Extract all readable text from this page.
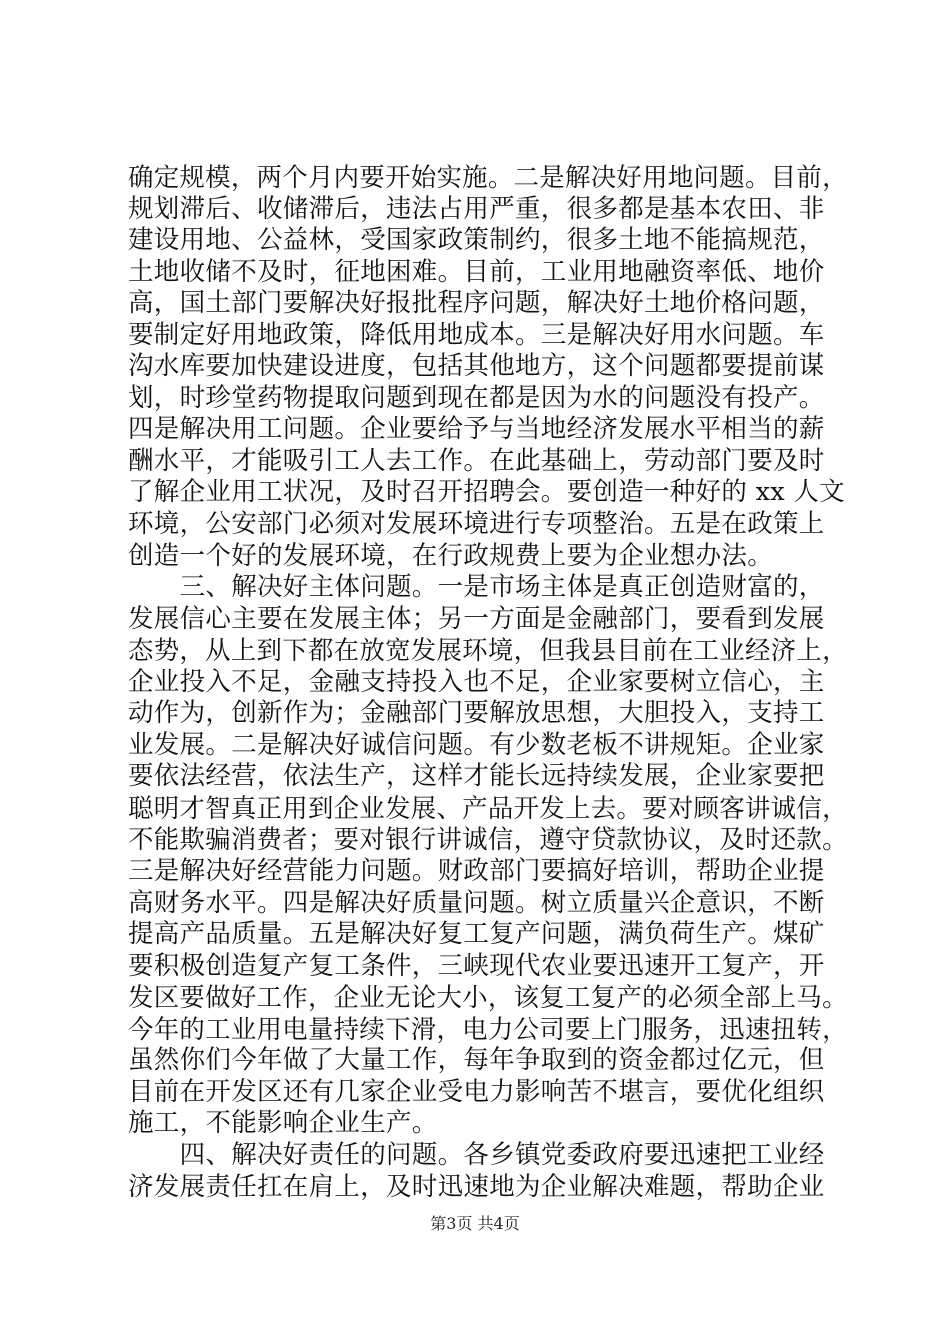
确定规模，两个月内要开始实施。二是解决好用地问题。目前，
规划滞后、收储滞后，违法占用严重，很多都是基本农田、非
建设用地、公益林，受国家政策制约，很多土地不能搞规范，
土地收储不及时，征地困难。目前，工业用地融资率低、地价
高，国土部门要解决好报批程序问题，解决好土地价格问题，
要制定好用地政策，降低用地成本。三是解决好用水问题。车
沟水库要加快建设进度，包括其他地方，这个问题都要提前谋
划，时珍堂药物提取问题到现在都是因为水的问题没有投产。
四是解决用工问题。企业要给予与当地经济发展水平相当的薪
酬水平，才能吸引工人去工作。在此基础上，劳动部门要及时
了解企业用工状况，及时召开招聘会。要创造一种好的 xx 人文
环境，公安部门必须对发展环境进行专项整治。五是在政策上
创造一个好的发展环境，在行政规费上要为企业想办法。
　　三、解决好主体问题。一是市场主体是真正创造财富的，
发展信心主要在发展主体；另一方面是金融部门，要看到发展
态势，从上到下都在放宽发展环境，但我县目前在工业经济上，
企业投入不足，金融支持投入也不足，企业家要树立信心，主
动作为，创新作为；金融部门要解放思想，大胆投入，支持工
业发展。二是解决好诚信问题。有少数老板不讲规矩。企业家
要依法经营，依法生产，这样才能长远持续发展，企业家要把
聪明才智真正用到企业发展、产品开发上去。要对顾客讲诚信，
不能欺骗消费者；要对银行讲诚信，遵守贷款协议，及时还款。
三是解决好经营能力问题。财政部门要搞好培训，帮助企业提
高财务水平。四是解决好质量问题。树立质量兴企意识，不断
提高产品质量。五是解决好复工复产问题，满负荷生产。煤矿
要积极创造复产复工条件，三峡现代农业要迅速开工复产，开
发区要做好工作，企业无论大小，该复工复产的必须全部上马。
今年的工业用电量持续下滑，电力公司要上门服务，迅速扭转，
虽然你们今年做了大量工作，每年争取到的资金都过亿元，但
目前在开发区还有几家企业受电力影响苦不堪言，要优化组织
施工，不能影响企业生产。
　　四、解决好责任的问题。各乡镇党委政府要迅速把工业经
济发展责任扛在肩上，及时迅速地为企业解决难题，帮助企业
第3页 共4页
